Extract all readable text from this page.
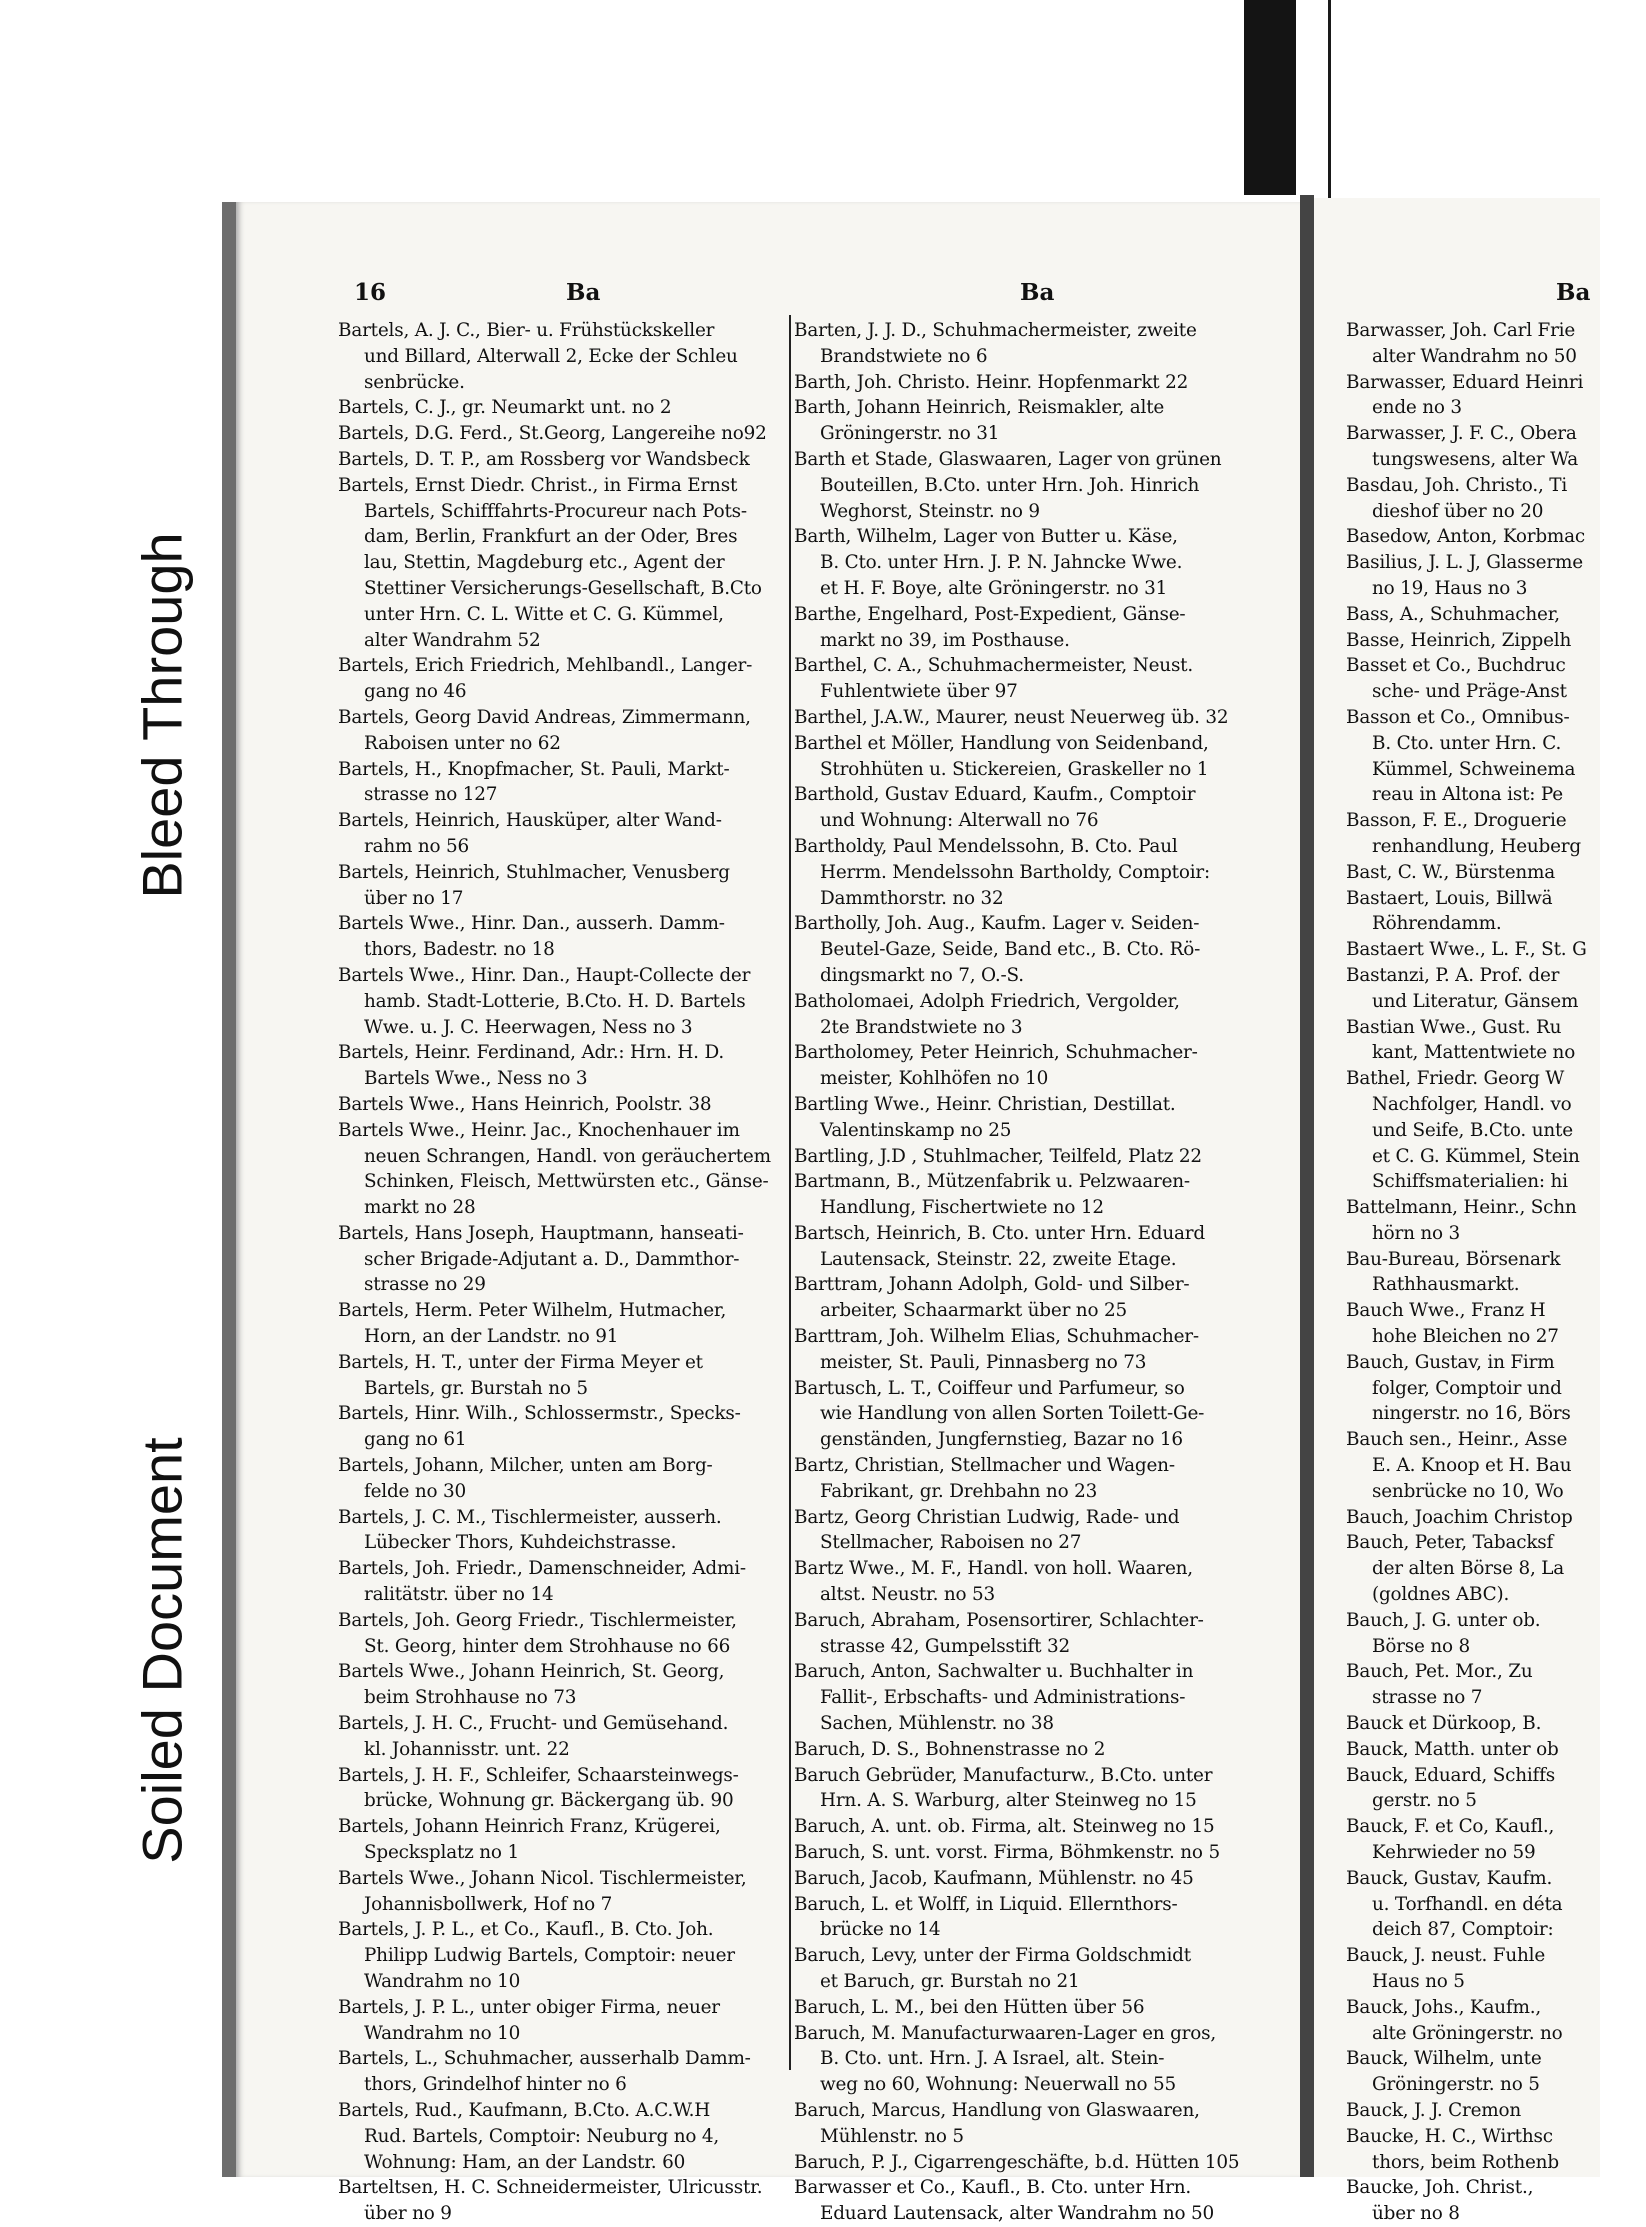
Bleed Through
Soiled Document
16	Ba	Ba	Ba
Bartels, A. J. C., Bier- u. Frühstückskeller
und Billard, Alterwall 2, Ecke der Schleu
senbrücke.
Bartels, C. J., gr. Neumarkt unt. no 2
Bartels, D.G. Ferd., St.Georg, Langereihe no92
Bartels, D. T. P., am Rossberg vor Wandsbeck
Bartels, Ernst Diedr. Christ., in Firma Ernst
Bartels, Schifffahrts-Procureur nach Pots-
dam, Berlin, Frankfurt an der Oder, Bres
lau, Stettin, Magdeburg etc., Agent der
Stettiner Versicherungs-Gesellschaft, B.Cto
unter Hrn. C. L. Witte et C. G. Kümmel,
alter Wandrahm 52
Bartels, Erich Friedrich, Mehlbandl., Langer-
gang no 46
Bartels, Georg David Andreas, Zimmermann,
Raboisen unter no 62
Bartels, H., Knopfmacher, St. Pauli, Markt-
strasse no 127
Bartels, Heinrich, Hausküper, alter Wand-
rahm no 56
Bartels, Heinrich, Stuhlmacher, Venusberg
über no 17
Bartels Wwe., Hinr. Dan., ausserh. Damm-
thors, Badestr. no 18
Bartels Wwe., Hinr. Dan., Haupt-Collecte der
hamb. Stadt-Lotterie, B.Cto. H. D. Bartels
Wwe. u. J. C. Heerwagen, Ness no 3
Bartels, Heinr. Ferdinand, Adr.: Hrn. H. D.
Bartels Wwe., Ness no 3
Bartels Wwe., Hans Heinrich, Poolstr. 38
Bartels Wwe., Heinr. Jac., Knochenhauer im
neuen Schrangen, Handl. von geräuchertem
Schinken, Fleisch, Mettwürsten etc., Gänse-
markt no 28
Bartels, Hans Joseph, Hauptmann, hanseati-
scher Brigade-Adjutant a. D., Dammthor-
strasse no 29
Bartels, Herm. Peter Wilhelm, Hutmacher,
Horn, an der Landstr. no 91
Bartels, H. T., unter der Firma Meyer et
Bartels, gr. Burstah no 5
Bartels, Hinr. Wilh., Schlossermstr., Specks-
gang no 61
Bartels, Johann, Milcher, unten am Borg-
felde no 30
Bartels, J. C. M., Tischlermeister, ausserh.
Lübecker Thors, Kuhdeichstrasse.
Bartels, Joh. Friedr., Damenschneider, Admi-
ralitätstr. über no 14
Bartels, Joh. Georg Friedr., Tischlermeister,
St. Georg, hinter dem Strohhause no 66
Bartels Wwe., Johann Heinrich, St. Georg,
beim Strohhause no 73
Bartels, J. H. C., Frucht- und Gemüsehand.
kl. Johannisstr. unt. 22
Bartels, J. H. F., Schleifer, Schaarsteinwegs-
brücke, Wohnung gr. Bäckergang üb. 90
Bartels, Johann Heinrich Franz, Krügerei,
Specksplatz no 1
Bartels Wwe., Johann Nicol. Tischlermeister,
Johannisbollwerk, Hof no 7
Bartels, J. P. L., et Co., Kaufl., B. Cto. Joh.
Philipp Ludwig Bartels, Comptoir: neuer
Wandrahm no 10
Bartels, J. P. L., unter obiger Firma, neuer
Wandrahm no 10
Bartels, L., Schuhmacher, ausserhalb Damm-
thors, Grindelhof hinter no 6
Bartels, Rud., Kaufmann, B.Cto. A.C.W.H
Rud. Bartels, Comptoir: Neuburg no 4,
Wohnung: Ham, an der Landstr. 60
Barteltsen, H. C. Schneidermeister, Ulricusstr.
über no 9
Barten, J. J. D., Schuhmachermeister, zweite
Brandstwiete no 6
Barth, Joh. Christo. Heinr. Hopfenmarkt 22
Barth, Johann Heinrich, Reismakler, alte
Gröningerstr. no 31
Barth et Stade, Glaswaaren, Lager von grünen
Bouteillen, B.Cto. unter Hrn. Joh. Hinrich
Weghorst, Steinstr. no 9
Barth, Wilhelm, Lager von Butter u. Käse,
B. Cto. unter Hrn. J. P. N. Jahncke Wwe.
et H. F. Boye, alte Gröningerstr. no 31
Barthe, Engelhard, Post-Expedient, Gänse-
markt no 39, im Posthause.
Barthel, C. A., Schuhmachermeister, Neust.
Fuhlentwiete über 97
Barthel, J.A.W., Maurer, neust Neuerweg üb. 32
Barthel et Möller, Handlung von Seidenband,
Strohhüten u. Stickereien, Graskeller no 1
Barthold, Gustav Eduard, Kaufm., Comptoir
und Wohnung: Alterwall no 76
Bartholdy, Paul Mendelssohn, B. Cto. Paul
Herrm. Mendelssohn Bartholdy, Comptoir:
Dammthorstr. no 32
Bartholly, Joh. Aug., Kaufm. Lager v. Seiden-
Beutel-Gaze, Seide, Band etc., B. Cto. Rö-
dingsmarkt no 7, O.-S.
Batholomaei, Adolph Friedrich, Vergolder,
2te Brandstwiete no 3
Bartholomey, Peter Heinrich, Schuhmacher-
meister, Kohlhöfen no 10
Bartling Wwe., Heinr. Christian, Destillat.
Valentinskamp no 25
Bartling, J.D , Stuhlmacher, Teilfeld, Platz 22
Bartmann, B., Mützenfabrik u. Pelzwaaren-
Handlung, Fischertwiete no 12
Bartsch, Heinrich, B. Cto. unter Hrn. Eduard
Lautensack, Steinstr. 22, zweite Etage.
Barttram, Johann Adolph, Gold- und Silber-
arbeiter, Schaarmarkt über no 25
Barttram, Joh. Wilhelm Elias, Schuhmacher-
meister, St. Pauli, Pinnasberg no 73
Bartusch, L. T., Coiffeur und Parfumeur, so
wie Handlung von allen Sorten Toilett-Ge-
genständen, Jungfernstieg, Bazar no 16
Bartz, Christian, Stellmacher und Wagen-
Fabrikant, gr. Drehbahn no 23
Bartz, Georg Christian Ludwig, Rade- und
Stellmacher, Raboisen no 27
Bartz Wwe., M. F., Handl. von holl. Waaren,
altst. Neustr. no 53
Baruch, Abraham, Posensortirer, Schlachter-
strasse 42, Gumpelsstift 32
Baruch, Anton, Sachwalter u. Buchhalter in
Fallit-, Erbschafts- und Administrations-
Sachen, Mühlenstr. no 38
Baruch, D. S., Bohnenstrasse no 2
Baruch Gebrüder, Manufacturw., B.Cto. unter
Hrn. A. S. Warburg, alter Steinweg no 15
Baruch, A. unt. ob. Firma, alt. Steinweg no 15
Baruch, S. unt. vorst. Firma, Böhmkenstr. no 5
Baruch, Jacob, Kaufmann, Mühlenstr. no 45
Baruch, L. et Wolff, in Liquid. Ellernthors-
brücke no 14
Baruch, Levy, unter der Firma Goldschmidt
et Baruch, gr. Burstah no 21
Baruch, L. M., bei den Hütten über 56
Baruch, M. Manufacturwaaren-Lager en gros,
B. Cto. unt. Hrn. J. A Israel, alt. Stein-
weg no 60, Wohnung: Neuerwall no 55
Baruch, Marcus, Handlung von Glaswaaren,
Mühlenstr. no 5
Baruch, P. J., Cigarrengeschäfte, b.d. Hütten 105
Barwasser et Co., Kaufl., B. Cto. unter Hrn.
Eduard Lautensack, alter Wandrahm no 50
Barwasser, Joh. Carl Frie
alter Wandrahm no 50
Barwasser, Eduard Heinri
ende no 3
Barwasser, J. F. C., Obera
tungswesens, alter Wa
Basdau, Joh. Christo., Ti
dieshof über no 20
Basedow, Anton, Korbmac
Basilius, J. L. J, Glasserme
no 19, Haus no 3
Bass, A., Schuhmacher,
Basse, Heinrich, Zippelh
Basset et Co., Buchdruc
sche- und Präge-Anst
Basson et Co., Omnibus-
B. Cto. unter Hrn. C.
Kümmel, Schweinema
reau in Altona ist: Pe
Basson, F. E., Droguerie
renhandlung, Heuberg
Bast, C. W., Bürstenma
Bastaert, Louis, Billwä
Röhrendamm.
Bastaert Wwe., L. F., St. G
Bastanzi, P. A. Prof. der
und Literatur, Gänsem
Bastian Wwe., Gust. Ru
kant, Mattentwiete no
Bathel, Friedr. Georg W
Nachfolger, Handl. vo
und Seife, B.Cto. unte
et C. G. Kümmel, Stein
Schiffsmaterialien: hi
Battelmann, Heinr., Schn
hörn no 3
Bau-Bureau, Börsenark
Rathhausmarkt.
Bauch Wwe., Franz H
hohe Bleichen no 27
Bauch, Gustav, in Firm
folger, Comptoir und
ningerstr. no 16, Börs
Bauch sen., Heinr., Asse
E. A. Knoop et H. Bau
senbrücke no 10, Wo
Bauch, Joachim Christop
Bauch, Peter, Tabacksf
der alten Börse 8, La
(goldnes ABC).
Bauch, J. G. unter ob.
Börse no 8
Bauch, Pet. Mor., Zu
strasse no 7
Bauck et Dürkoop, B.
Bauck, Matth. unter ob
Bauck, Eduard, Schiffs
gerstr. no 5
Bauck, F. et Co, Kaufl.,
Kehrwieder no 59
Bauck, Gustav, Kaufm.
u. Torfhandl. en déta
deich 87, Comptoir:
Bauck, J. neust. Fuhle
Haus no 5
Bauck, Johs., Kaufm.,
alte Gröningerstr. no
Bauck, Wilhelm, unte
Gröningerstr. no 5
Bauck, J. J. Cremon
Baucke, H. C., Wirthsc
thors, beim Rothenb
Baucke, Joh. Christ.,
über no 8
